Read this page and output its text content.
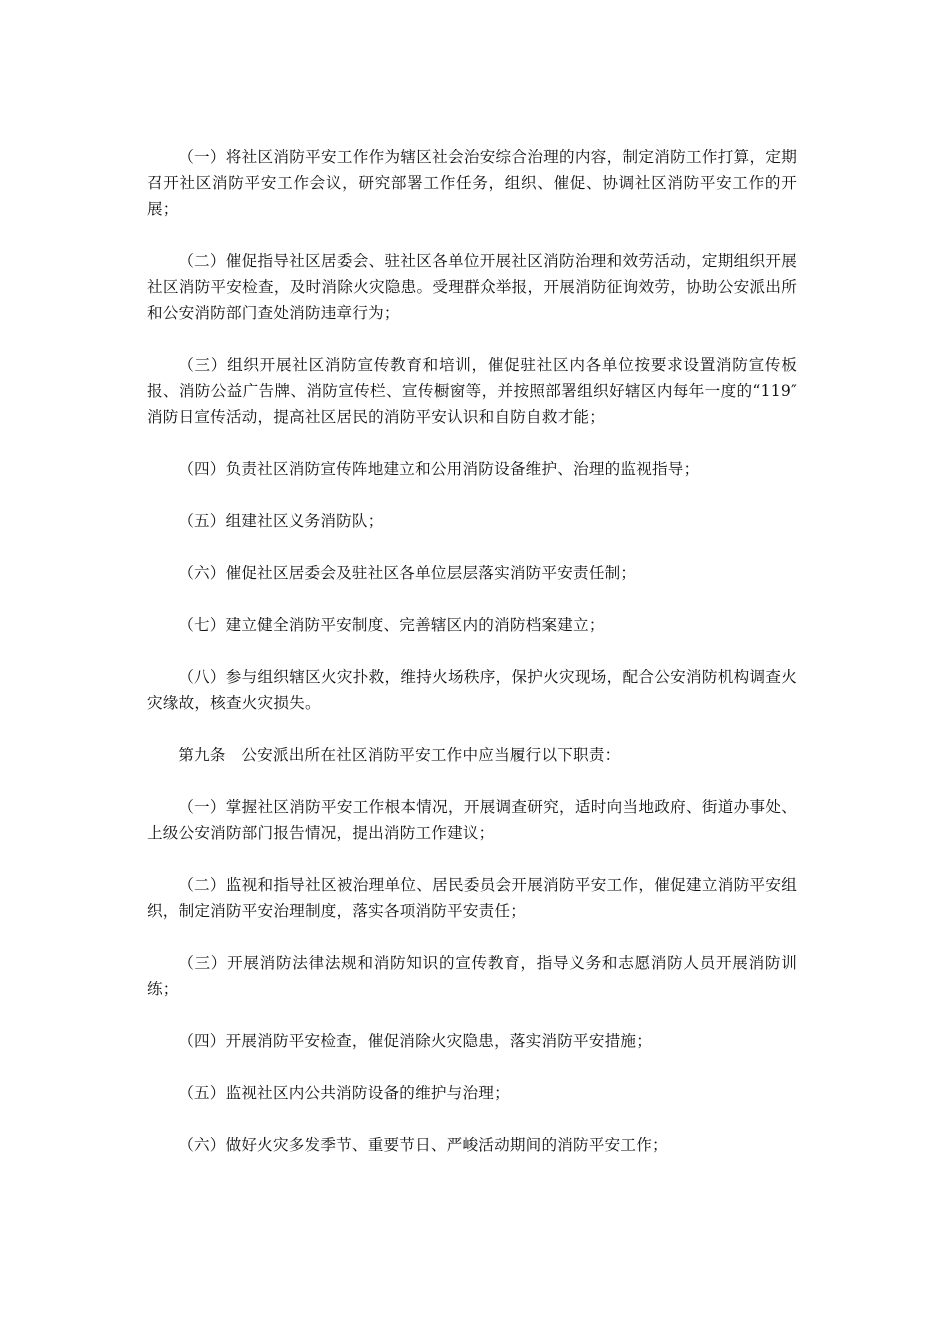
（一）将社区消防平安工作作为辖区社会治安综合治理的内容，制定消防工作打算，定期召开社区消防平安工作会议，研究部署工作任务，组织、催促、协调社区消防平安工作的开展；

（二）催促指导社区居委会、驻社区各单位开展社区消防治理和效劳活动，定期组织开展社区消防平安检查，及时消除火灾隐患。受理群众举报，开展消防征询效劳，协助公安派出所和公安消防部门查处消防违章行为；

（三）组织开展社区消防宣传教育和培训，催促驻社区内各单位按要求设置消防宣传板报、消防公益广告牌、消防宣传栏、宣传橱窗等，并按照部署组织好辖区内每年一度的“119″ 消防日宣传活动，提高社区居民的消防平安认识和自防自救才能；

（四）负责社区消防宣传阵地建立和公用消防设备维护、治理的监视指导；

（五）组建社区义务消防队；

（六）催促社区居委会及驻社区各单位层层落实消防平安责任制；

（七）建立健全消防平安制度、完善辖区内的消防档案建立；

（八）参与组织辖区火灾扑救，维持火场秩序，保护火灾现场，配合公安消防机构调查火灾缘故，核查火灾损失。

第九条　公安派出所在社区消防平安工作中应当履行以下职责：

（一）掌握社区消防平安工作根本情况，开展调查研究，适时向当地政府、街道办事处、上级公安消防部门报告情况，提出消防工作建议；

（二）监视和指导社区被治理单位、居民委员会开展消防平安工作，催促建立消防平安组织，制定消防平安治理制度，落实各项消防平安责任；

（三）开展消防法律法规和消防知识的宣传教育，指导义务和志愿消防人员开展消防训练；

（四）开展消防平安检查，催促消除火灾隐患，落实消防平安措施；

（五）监视社区内公共消防设备的维护与治理；

（六）做好火灾多发季节、重要节日、严峻活动期间的消防平安工作；
